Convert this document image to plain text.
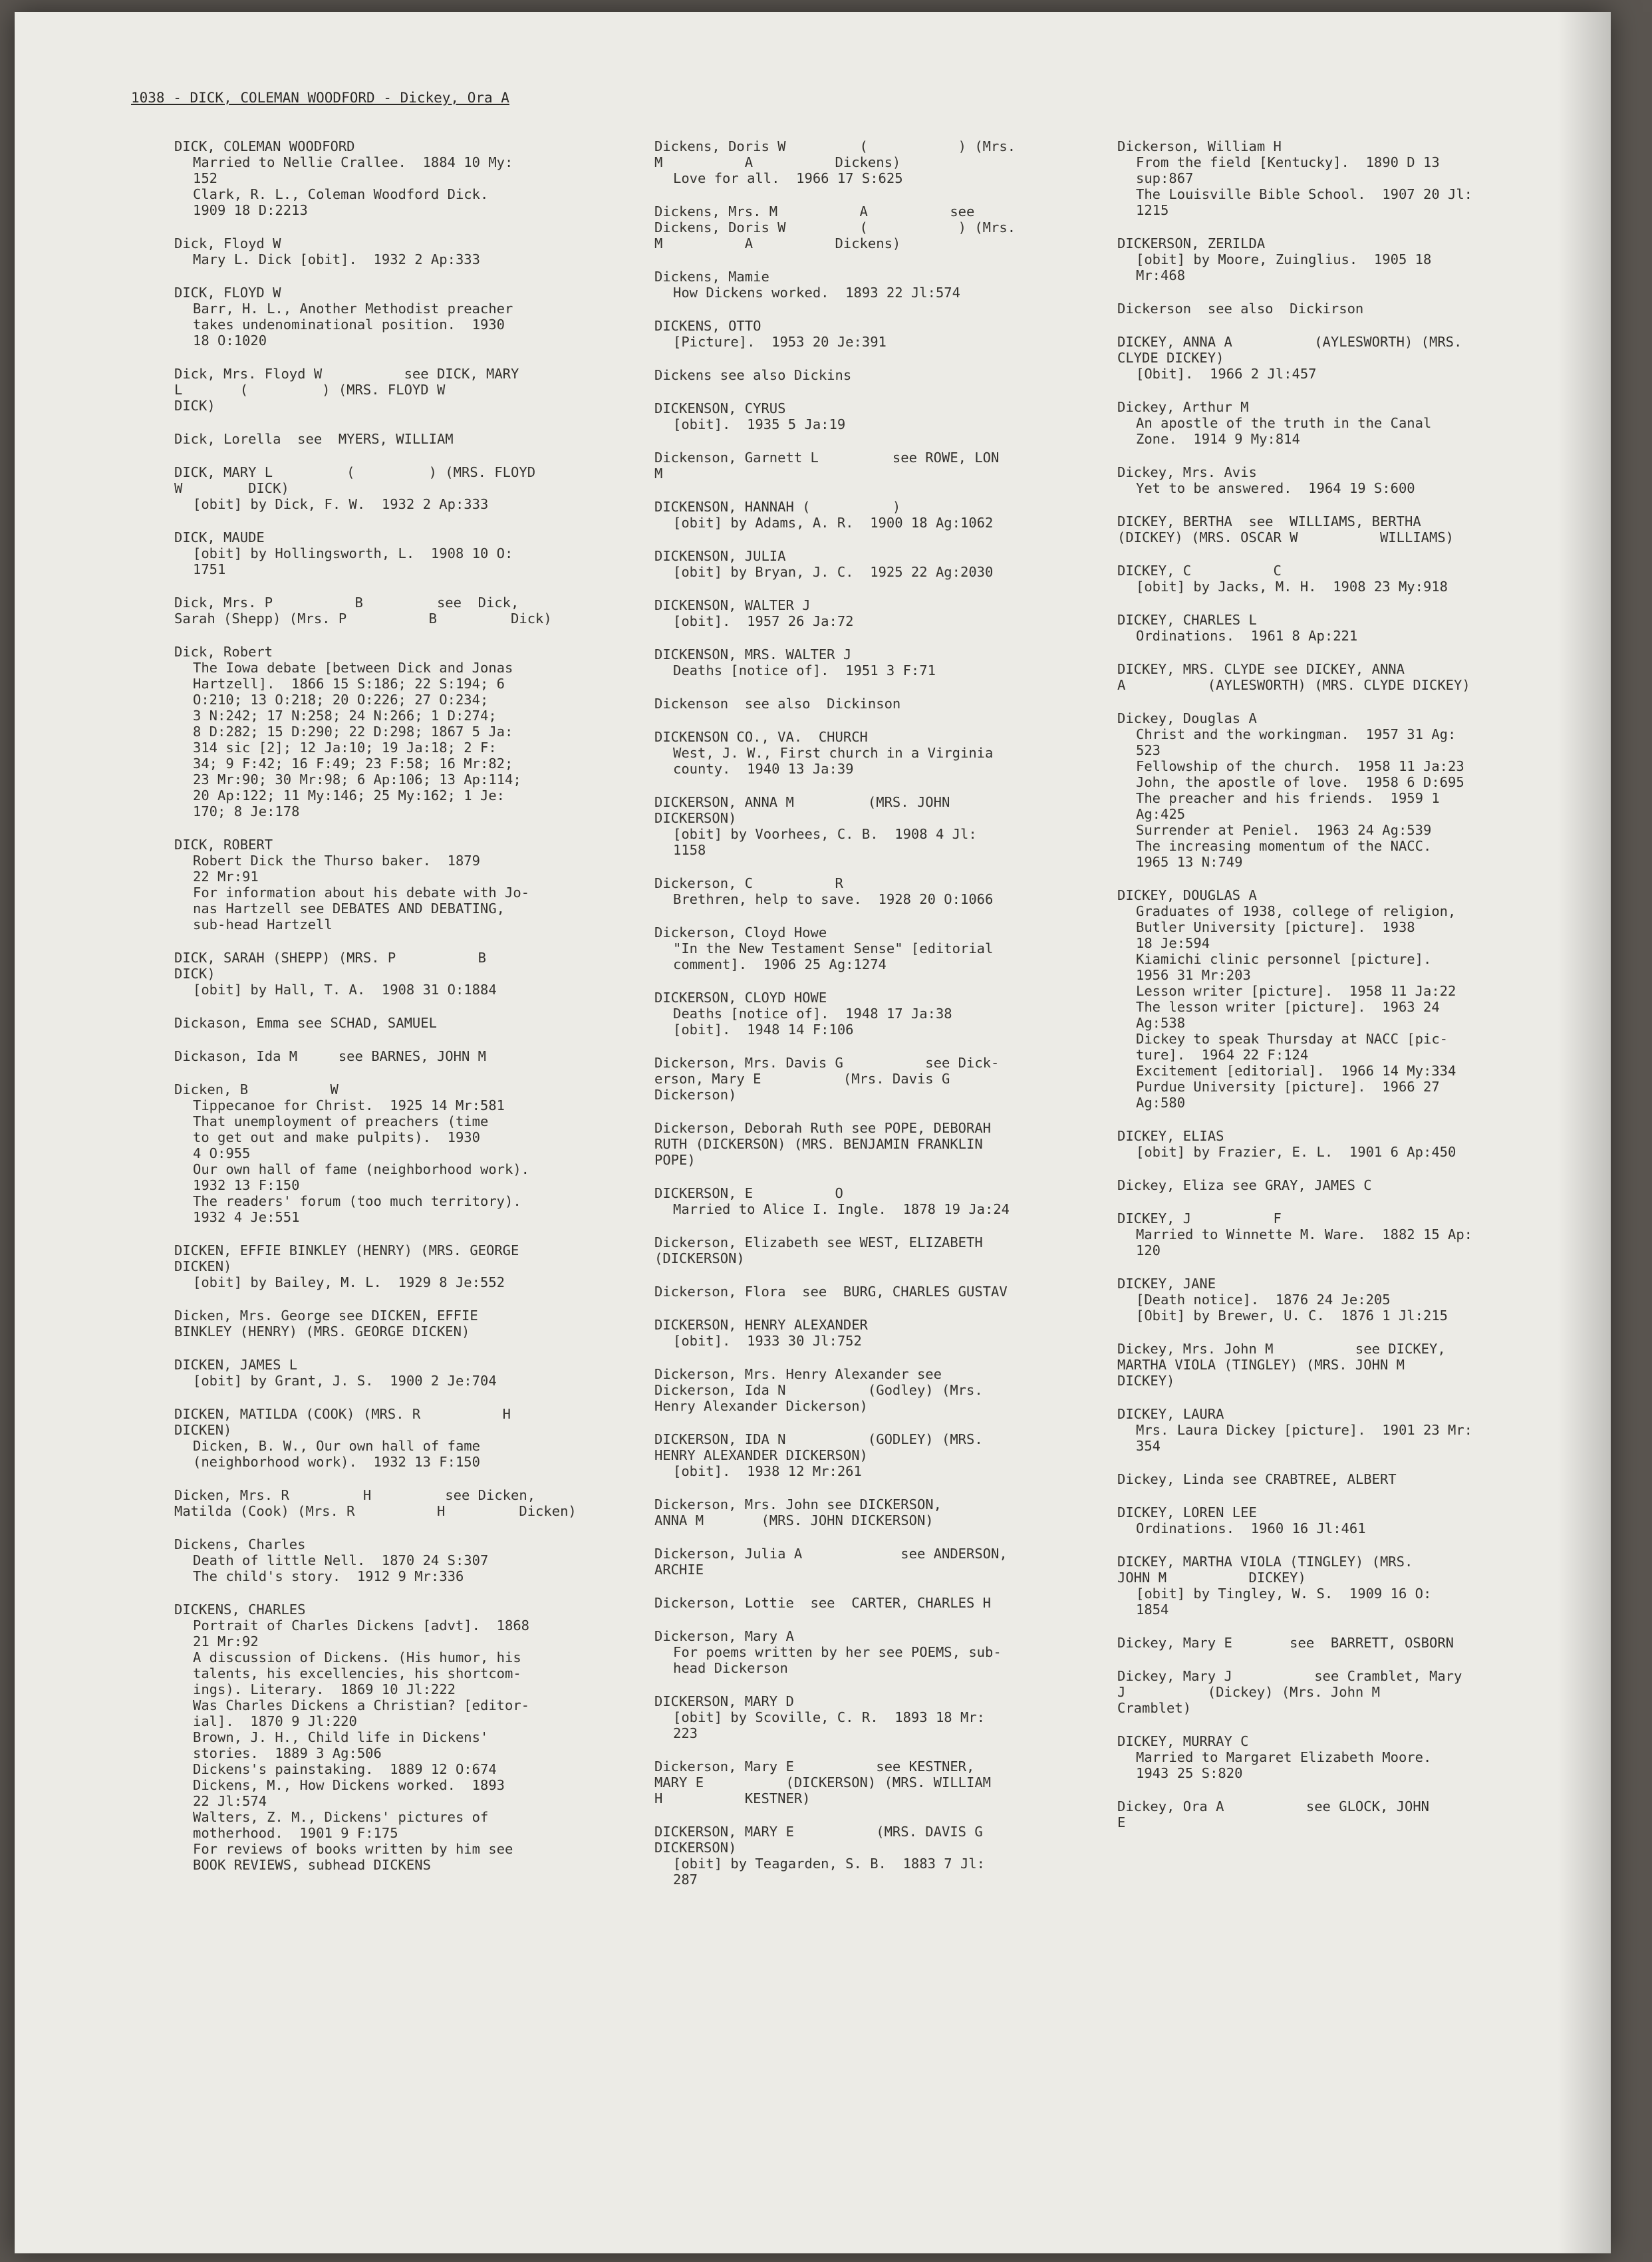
1038 - DICK, COLEMAN WOODFORD - Dickey, Ora A
DICK, COLEMAN WOODFORD
Married to Nellie Crallee.  1884 10 My:
152
Clark, R. L., Coleman Woodford Dick.
1909 18 D:2213
Dick, Floyd W
Mary L. Dick [obit].  1932 2 Ap:333
DICK, FLOYD W
Barr, H. L., Another Methodist preacher
takes undenominational position.  1930
18 O:1020
Dick, Mrs. Floyd W          see DICK, MARY
L       (         ) (MRS. FLOYD W
DICK)
Dick, Lorella  see  MYERS, WILLIAM
DICK, MARY L         (         ) (MRS. FLOYD
W        DICK)
[obit] by Dick, F. W.  1932 2 Ap:333
DICK, MAUDE
[obit] by Hollingsworth, L.  1908 10 O:
1751
Dick, Mrs. P          B         see  Dick,
Sarah (Shepp) (Mrs. P          B         Dick)
Dick, Robert
The Iowa debate [between Dick and Jonas
Hartzell].  1866 15 S:186; 22 S:194; 6
O:210; 13 O:218; 20 O:226; 27 O:234;
3 N:242; 17 N:258; 24 N:266; 1 D:274;
8 D:282; 15 D:290; 22 D:298; 1867 5 Ja:
314 sic [2]; 12 Ja:10; 19 Ja:18; 2 F:
34; 9 F:42; 16 F:49; 23 F:58; 16 Mr:82;
23 Mr:90; 30 Mr:98; 6 Ap:106; 13 Ap:114;
20 Ap:122; 11 My:146; 25 My:162; 1 Je:
170; 8 Je:178
DICK, ROBERT
Robert Dick the Thurso baker.  1879
22 Mr:91
For information about his debate with Jo-
nas Hartzell see DEBATES AND DEBATING,
sub-head Hartzell
DICK, SARAH (SHEPP) (MRS. P          B
DICK)
[obit] by Hall, T. A.  1908 31 O:1884
Dickason, Emma see SCHAD, SAMUEL
Dickason, Ida M     see BARNES, JOHN M
Dicken, B          W
Tippecanoe for Christ.  1925 14 Mr:581
That unemployment of preachers (time
to get out and make pulpits).  1930
4 O:955
Our own hall of fame (neighborhood work).
1932 13 F:150
The readers' forum (too much territory).
1932 4 Je:551
DICKEN, EFFIE BINKLEY (HENRY) (MRS. GEORGE
DICKEN)
[obit] by Bailey, M. L.  1929 8 Je:552
Dicken, Mrs. George see DICKEN, EFFIE
BINKLEY (HENRY) (MRS. GEORGE DICKEN)
DICKEN, JAMES L
[obit] by Grant, J. S.  1900 2 Je:704
DICKEN, MATILDA (COOK) (MRS. R          H
DICKEN)
Dicken, B. W., Our own hall of fame
(neighborhood work).  1932 13 F:150
Dicken, Mrs. R         H         see Dicken,
Matilda (Cook) (Mrs. R          H         Dicken)
Dickens, Charles
Death of little Nell.  1870 24 S:307
The child's story.  1912 9 Mr:336
DICKENS, CHARLES
Portrait of Charles Dickens [advt].  1868
21 Mr:92
A discussion of Dickens. (His humor, his
talents, his excellencies, his shortcom-
ings). Literary.  1869 10 Jl:222
Was Charles Dickens a Christian? [editor-
ial].  1870 9 Jl:220
Brown, J. H., Child life in Dickens'
stories.  1889 3 Ag:506
Dickens's painstaking.  1889 12 O:674
Dickens, M., How Dickens worked.  1893
22 Jl:574
Walters, Z. M., Dickens' pictures of
motherhood.  1901 9 F:175
For reviews of books written by him see
BOOK REVIEWS, subhead DICKENS
Dickens, Doris W         (           ) (Mrs.
M          A          Dickens)
Love for all.  1966 17 S:625
Dickens, Mrs. M          A          see
Dickens, Doris W         (           ) (Mrs.
M          A          Dickens)
Dickens, Mamie
How Dickens worked.  1893 22 Jl:574
DICKENS, OTTO
[Picture].  1953 20 Je:391
Dickens see also Dickins
DICKENSON, CYRUS
[obit].  1935 5 Ja:19
Dickenson, Garnett L         see ROWE, LON
M
DICKENSON, HANNAH (          )
[obit] by Adams, A. R.  1900 18 Ag:1062
DICKENSON, JULIA
[obit] by Bryan, J. C.  1925 22 Ag:2030
DICKENSON, WALTER J
[obit].  1957 26 Ja:72
DICKENSON, MRS. WALTER J
Deaths [notice of].  1951 3 F:71
Dickenson  see also  Dickinson
DICKENSON CO., VA.  CHURCH
West, J. W., First church in a Virginia
county.  1940 13 Ja:39
DICKERSON, ANNA M         (MRS. JOHN
DICKERSON)
[obit] by Voorhees, C. B.  1908 4 Jl:
1158
Dickerson, C          R
Brethren, help to save.  1928 20 O:1066
Dickerson, Cloyd Howe
"In the New Testament Sense" [editorial
comment].  1906 25 Ag:1274
DICKERSON, CLOYD HOWE
Deaths [notice of].  1948 17 Ja:38
[obit].  1948 14 F:106
Dickerson, Mrs. Davis G          see Dick-
erson, Mary E          (Mrs. Davis G
Dickerson)
Dickerson, Deborah Ruth see POPE, DEBORAH
RUTH (DICKERSON) (MRS. BENJAMIN FRANKLIN
POPE)
DICKERSON, E          O
Married to Alice I. Ingle.  1878 19 Ja:24
Dickerson, Elizabeth see WEST, ELIZABETH
(DICKERSON)
Dickerson, Flora  see  BURG, CHARLES GUSTAV
DICKERSON, HENRY ALEXANDER
[obit].  1933 30 Jl:752
Dickerson, Mrs. Henry Alexander see
Dickerson, Ida N          (Godley) (Mrs.
Henry Alexander Dickerson)
DICKERSON, IDA N          (GODLEY) (MRS.
HENRY ALEXANDER DICKERSON)
[obit].  1938 12 Mr:261
Dickerson, Mrs. John see DICKERSON,
ANNA M       (MRS. JOHN DICKERSON)
Dickerson, Julia A            see ANDERSON,
ARCHIE
Dickerson, Lottie  see  CARTER, CHARLES H
Dickerson, Mary A
For poems written by her see POEMS, sub-
head Dickerson
DICKERSON, MARY D
[obit] by Scoville, C. R.  1893 18 Mr:
223
Dickerson, Mary E          see KESTNER,
MARY E          (DICKERSON) (MRS. WILLIAM
H          KESTNER)
DICKERSON, MARY E          (MRS. DAVIS G
DICKERSON)
[obit] by Teagarden, S. B.  1883 7 Jl:
287
Dickerson, William H
From the field [Kentucky].  1890 D 13
sup:867
The Louisville Bible School.  1907 20 Jl:
1215
DICKERSON, ZERILDA
[obit] by Moore, Zuinglius.  1905 18
Mr:468
Dickerson  see also  Dickirson
DICKEY, ANNA A          (AYLESWORTH) (MRS.
CLYDE DICKEY)
[Obit].  1966 2 Jl:457
Dickey, Arthur M
An apostle of the truth in the Canal
Zone.  1914 9 My:814
Dickey, Mrs. Avis
Yet to be answered.  1964 19 S:600
DICKEY, BERTHA  see  WILLIAMS, BERTHA
(DICKEY) (MRS. OSCAR W          WILLIAMS)
DICKEY, C          C
[obit] by Jacks, M. H.  1908 23 My:918
DICKEY, CHARLES L
Ordinations.  1961 8 Ap:221
DICKEY, MRS. CLYDE see DICKEY, ANNA
A          (AYLESWORTH) (MRS. CLYDE DICKEY)
Dickey, Douglas A
Christ and the workingman.  1957 31 Ag:
523
Fellowship of the church.  1958 11 Ja:23
John, the apostle of love.  1958 6 D:695
The preacher and his friends.  1959 1
Ag:425
Surrender at Peniel.  1963 24 Ag:539
The increasing momentum of the NACC.
1965 13 N:749
DICKEY, DOUGLAS A
Graduates of 1938, college of religion,
Butler University [picture].  1938
18 Je:594
Kiamichi clinic personnel [picture].
1956 31 Mr:203
Lesson writer [picture].  1958 11 Ja:22
The lesson writer [picture].  1963 24
Ag:538
Dickey to speak Thursday at NACC [pic-
ture].  1964 22 F:124
Excitement [editorial].  1966 14 My:334
Purdue University [picture].  1966 27
Ag:580
DICKEY, ELIAS
[obit] by Frazier, E. L.  1901 6 Ap:450
Dickey, Eliza see GRAY, JAMES C
DICKEY, J          F
Married to Winnette M. Ware.  1882 15 Ap:
120
DICKEY, JANE
[Death notice].  1876 24 Je:205
[Obit] by Brewer, U. C.  1876 1 Jl:215
Dickey, Mrs. John M          see DICKEY,
MARTHA VIOLA (TINGLEY) (MRS. JOHN M
DICKEY)
DICKEY, LAURA
Mrs. Laura Dickey [picture].  1901 23 Mr:
354
Dickey, Linda see CRABTREE, ALBERT
DICKEY, LOREN LEE
Ordinations.  1960 16 Jl:461
DICKEY, MARTHA VIOLA (TINGLEY) (MRS.
JOHN M          DICKEY)
[obit] by Tingley, W. S.  1909 16 O:
1854
Dickey, Mary E       see  BARRETT, OSBORN
Dickey, Mary J          see Cramblet, Mary
J          (Dickey) (Mrs. John M
Cramblet)
DICKEY, MURRAY C
Married to Margaret Elizabeth Moore.
1943 25 S:820
Dickey, Ora A          see GLOCK, JOHN
E
